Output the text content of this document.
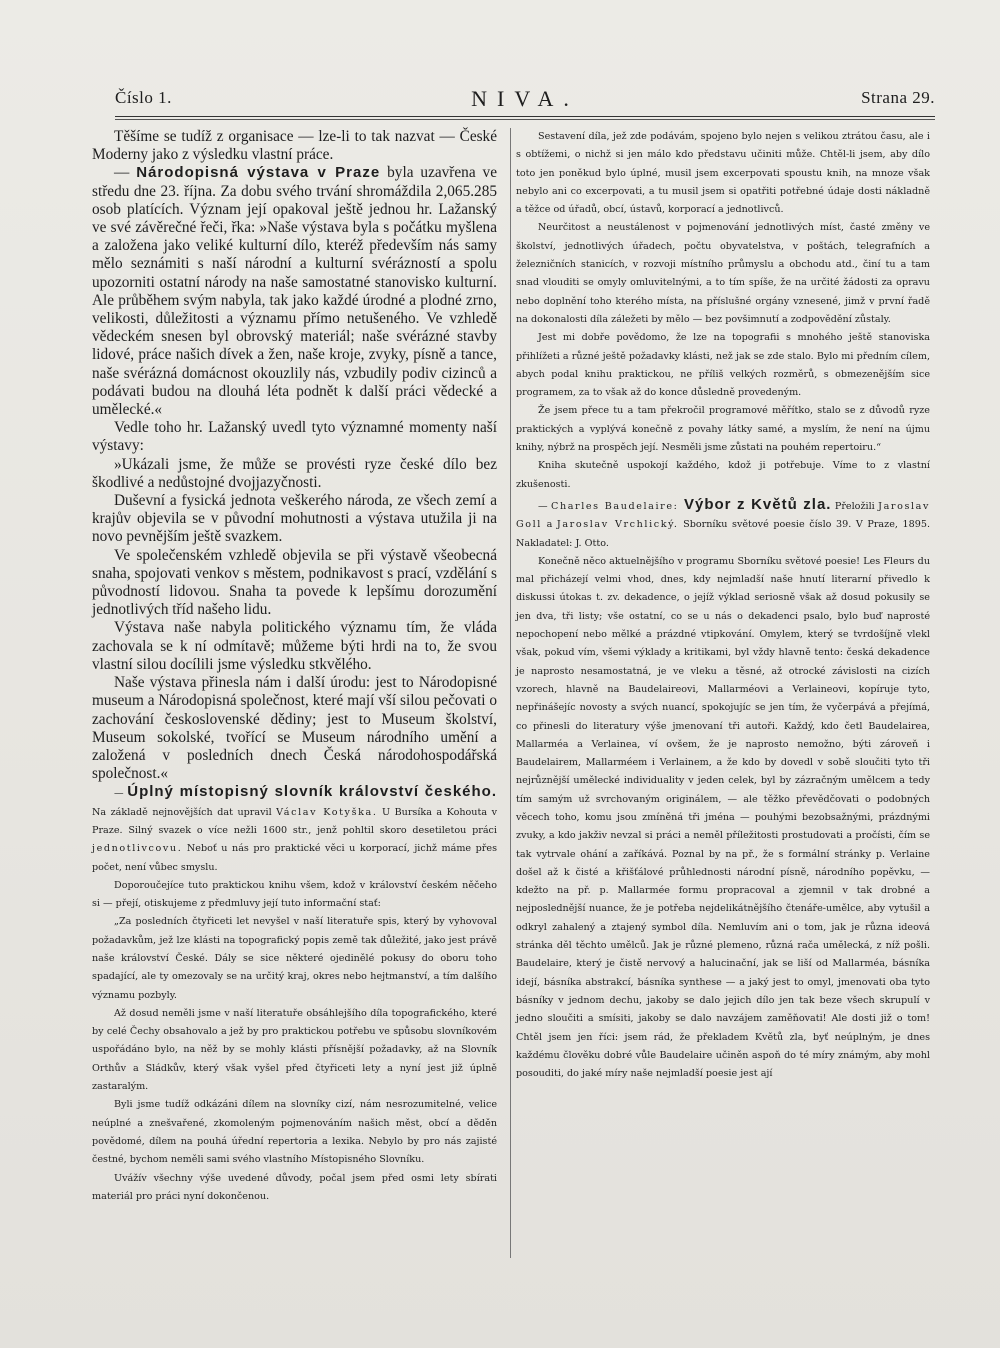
Číslo 1.	NIVA.	Strana 29.

Těšíme se tudíž z organisace — lze-li to tak nazvat — České Moderny jako z výsledku vlastní práce.

— Národopisná výstava v Praze byla uzavřena ve středu dne 23. října. Za dobu svého trvání shromáždila 2,065.285 osob platících. Význam její opakoval ještě jednou hr. Lažanský ve své závěrečné řeči, řka: »Naše výstava byla s počátku myšlena a založena jako veliké kulturní dílo, kteréž především nás samy mělo seznámiti s naší národní a kulturní svérázností a spolu upozorniti ostatní národy na naše samostatné stanovisko kulturní. Ale průběhem svým nabyla, tak jako každé úrodné a plodné zrno, velikosti, důležitosti a významu přímo netušeného. Ve vzhledě vědeckém snesen byl obrovský materiál; naše svérázné stavby lidové, práce našich dívek a žen, naše kroje, zvyky, písně a tance, naše svérázná domácnost okouzlily nás, vzbudily podiv cizinců a podávati budou na dlouhá léta podnět k další práci vědecké a umělecké.«

Vedle toho hr. Lažanský uvedl tyto významné momenty naší výstavy:

»Ukázali jsme, že může se provésti ryze české dílo bez škodlivé a nedůstojné dvojjazyčnosti.

Duševní a fysická jednota veškerého národa, ze všech zemí a krajův objevila se v původní mohutnosti a výstava utužila ji na novo pevnějším ještě svazkem.

Ve společenském vzhledě objevila se při výstavě všeobecná snaha, spojovati venkov s městem, podnikavost s prací, vzdělání s původností lidovou. Snaha ta povede k lepšímu dorozumění jednotlivých tříd našeho lidu.

Výstava naše nabyla politického významu tím, že vláda zachovala se k ní odmítavě; můžeme býti hrdi na to, že svou vlastní silou docílili jsme výsledku stkvělého.

Naše výstava přinesla nám i další úrodu: jest to Národopisné museum a Národopisná společnost, které mají vší silou pečovati o zachování československé dědiny; jest to Museum školství, Museum sokolské, tvořící se Museum národního umění a založená v posledních dnech Česká národohospodářská společnost.«

— Úplný místopisný slovník království českého. Na základě nejnovějších dat upravil Václav Kotyška. U Bursíka a Kohouta v Praze. Silný svazek o více nežli 1600 str., jenž pohltil skoro desetiletou práci jednotlivcovu. Neboť u nás pro praktické věci u korporací, jichž máme přes počet, není vůbec smyslu.

Doporoučejíce tuto praktickou knihu všem, kdož v království českém něčeho si — přejí, otiskujeme z předmluvy její tuto informační stať:

„Za posledních čtyřiceti let nevyšel v naší literatuře spis, který by vyhovoval požadavkům, jež lze klásti na topografický popis země tak důležité, jako jest právě naše království České. Dály se sice některé ojedinělé pokusy do oboru toho spadající, ale ty omezovaly se na určitý kraj, okres nebo hejtmanství, a tím dalšího významu pozbyly.

Až dosud neměli jsme v naší literatuře obsáhlejšího díla topografického, které by celé Čechy obsahovalo a jež by pro praktickou potřebu ve spůsobu slovníkovém uspořádáno bylo, na něž by se mohly klásti přísnější požadavky, až na Slovník Orthův a Sládkův, který však vyšel před čtyřiceti lety a nyní jest již úplně zastaralým.

Byli jsme tudíž odkázáni dílem na slovníky cizí, nám nesrozumitelné, velice neúplné a znešvařené, zkomoleným pojmenováním našich měst, obcí a děděn povědomé, dílem na pouhá úřední repertoria a lexika. Nebylo by pro nás zajisté čestné, bychom neměli sami svého vlastního Místopisného Slovníku.

Uvážív všechny výše uvedené důvody, počal jsem před osmi lety sbírati materiál pro práci nyní dokončenou.

Sestavení díla, jež zde podávám, spojeno bylo nejen s velikou ztrátou času, ale i s obtížemi, o nichž si jen málo kdo představu učiniti může. Chtěl-li jsem, aby dílo toto jen poněkud bylo úplné, musil jsem excerpovati spoustu knih, na mnoze však nebylo ani co excerpovati, a tu musil jsem si opatřiti potřebné údaje dosti nákladně a těžce od úřadů, obcí, ústavů, korporací a jednotlivců.

Neurčitost a neustálenost v pojmenování jednotlivých míst, časté změny ve školství, jednotlivých úřadech, počtu obyvatelstva, v poštách, telegrafních a železničních stanicích, v rozvoji místního průmyslu a obchodu atd., činí tu a tam snad vlouditi se omyly omluvitelnými, a to tím spíše, že na určité žádosti za opravu nebo doplnění toho kterého místa, na příslušné orgány vznesené, jimž v první řadě na dokonalosti díla záležeti by mělo — bez povšimnutí a zodpovědění zůstaly.

Jest mi dobře povědomo, že lze na topografii s mnohého ještě stanoviska přihlížeti a různé ještě požadavky klásti, než jak se zde stalo. Bylo mi předním cílem, abych podal knihu praktickou, ne příliš velkých rozměrů, s obmezenějším sice programem, za to však až do konce důsledně provedeným.

Že jsem přece tu a tam překročil programové měřítko, stalo se z důvodů ryze praktických a vyplývá konečně z povahy látky samé, a myslím, že není na újmu knihy, nýbrž na prospěch její. Nesměli jsme zůstati na pouhém repertoiru.“

Kniha skutečně uspokojí každého, kdož ji potřebuje. Víme to z vlastní zkušenosti.

— Charles Baudelaire: Výbor z Květů zla. Přeložili Jaroslav Goll a Jaroslav Vrchlický. Sborníku světové poesie číslo 39. V Praze, 1895. Nakladatel: J. Otto.

Konečně něco aktuelnějšího v programu Sborníku světové poesie! Les Fleurs du mal přicházejí velmi vhod, dnes, kdy nejmladší naše hnutí literarní přivedlo k diskussi útokas t. zv. dekadence, o jejíž výklad seriosně však až dosud pokusily se jen dva, tři listy; vše ostatní, co se u nás o dekadenci psalo, bylo buď naprosté nepochopení nebo mělké a prázdné vtipkování. Omylem, který se tvrdošíjně vlekl však, pokud vím, všemi výklady a kritikami, byl vždy hlavně tento: česká dekadence je naprosto nesamostatná, je ve vleku a těsné, až otrocké závislosti na cizích vzorech, hlavně na Baudelaireovi, Mallarméovi a Verlaineovi, kopíruje tyto, nepřinášejíc novosty a svých nuancí, spokojujíc se jen tím, že vyčerpává a přejímá, co přinesli do literatury výše jmenovaní tři autoři. Každý, kdo četl Baudelairea, Mallarméa a Verlainea, ví ovšem, že je naprosto nemožno, býti zároveň i Baudelairem, Mallarméem i Verlainem, a že kdo by dovedl v sobě sloučiti tyto tři nejrůznější umělecké individuality v jeden celek, byl by zázračným umělcem a tedy tím samým už svrchovaným originálem, — ale těžko převědčovati o podobných věcech toho, komu jsou zmíněná tři jména — pouhými bezobsažnými, prázdnými zvuky, a kdo jakživ nevzal si práci a neměl příležitosti prostudovati a pročísti, čím se tak vytrvale ohání a zaříkává. Poznal by na př., že s formální stránky p. Verlaine došel až k čisté a křišťálové průhlednosti národní písně, národního popěvku, — kdežto na př. p. Mallarmée formu propracoval a zjemnil v tak drobné a nejposlednější nuance, že je potřeba nejdelikátnějšího čtenáře-umělce, aby vytušil a odkryl zahalený a ztajený symbol díla. Nemluvím ani o tom, jak je různa ideová stránka děl těchto umělců. Jak je různé plemeno, různá rača umělecká, z níž pošli. Baudelaire, který je čistě nervový a halucinační, jak se liší od Mallarméa, básníka idejí, básníka abstrakcí, básníka synthese — a jaký jest to omyl, jmenovati oba tyto básníky v jednom dechu, jakoby se dalo jejich dílo jen tak beze všech skrupulí v jedno sloučiti a smísiti, jakoby se dalo navzájem zaměňovati! Ale dosti již o tom! Chtěl jsem jen říci: jsem rád, že překladem Květů zla, byť neúplným, je dnes každému člověku dobré vůle Baudelaire učiněn aspoň do té míry známým, aby mohl posouditi, do jaké míry naše nejmladší poesie jest ají
